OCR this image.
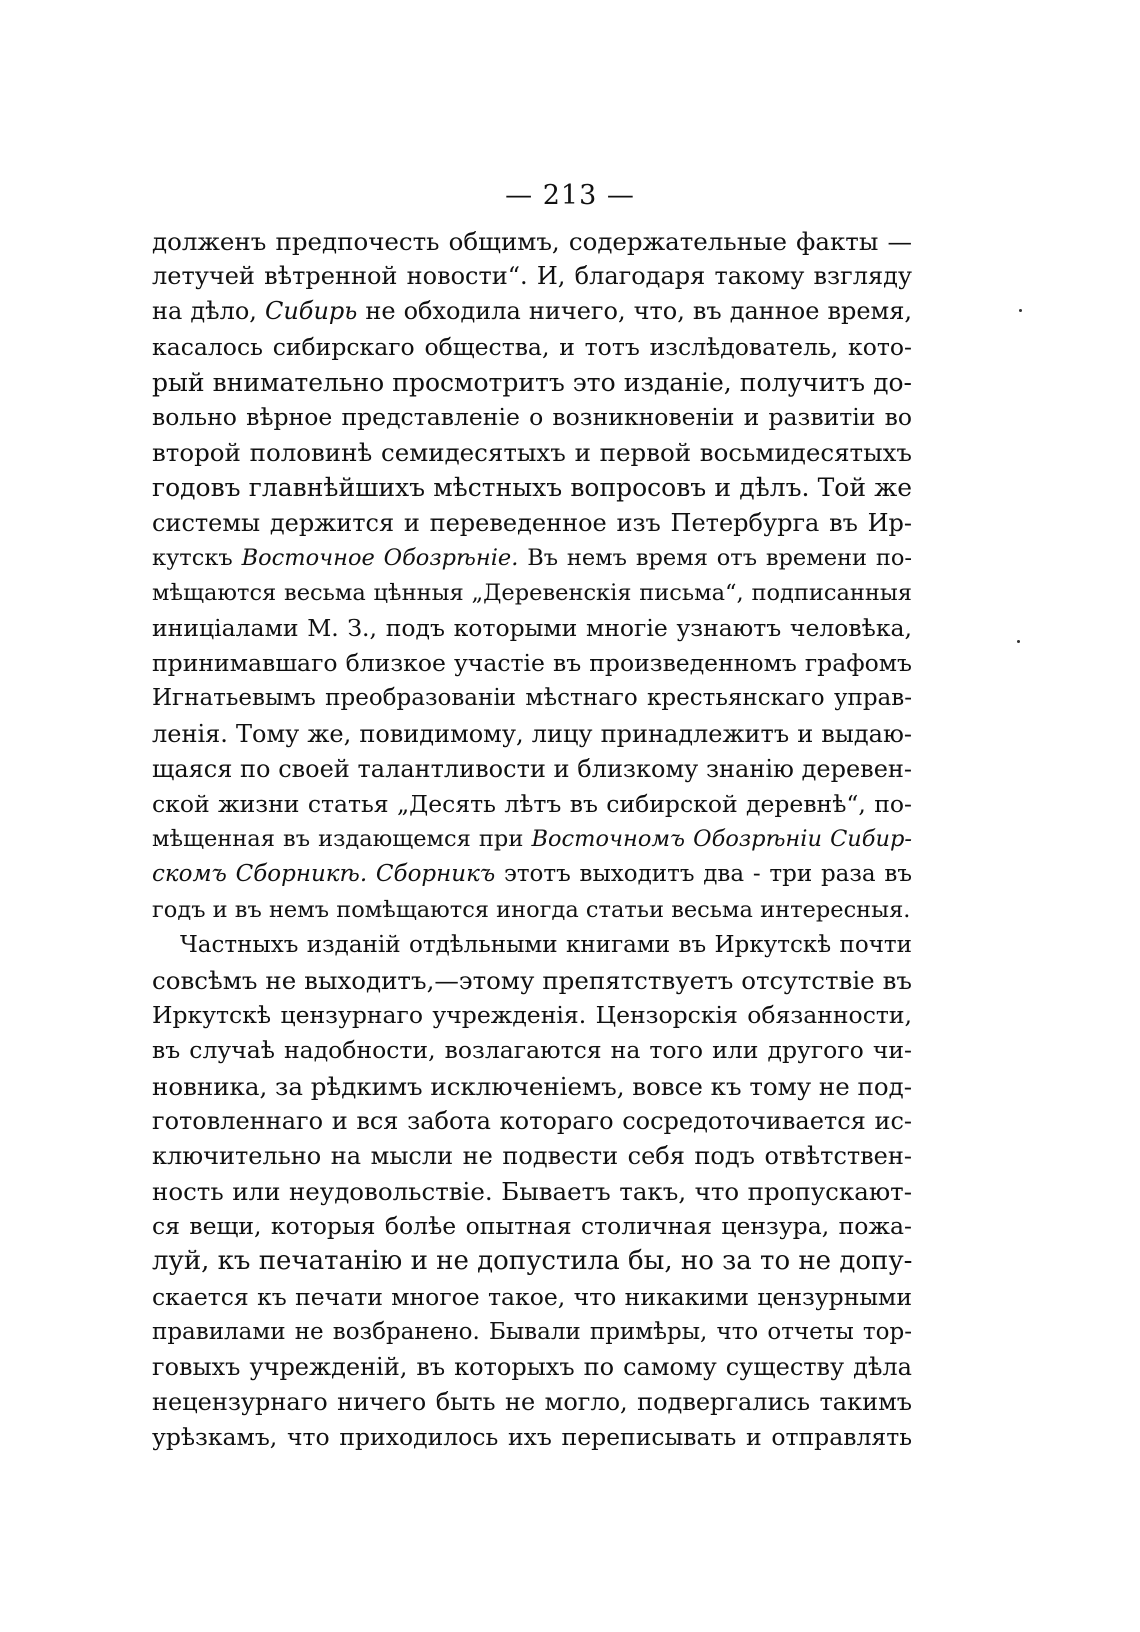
— 213 —
долженъ предпочесть общимъ, содержательные факты —
летучей вѣтренной новости“. И, благодаря такому взгляду
на дѣло, Сибирь не обходила ничего, что, въ данное время,
касалось сибирскаго общества, и тотъ изслѣдователь, кото-
рый внимательно просмотритъ это изданіе, получитъ до-
вольно вѣрное представленіе о возникновеніи и развитіи во
второй половинѣ семидесятыхъ и первой восьмидесятыхъ
годовъ главнѣйшихъ мѣстныхъ вопросовъ и дѣлъ. Той же
системы держится и переведенное изъ Петербурга въ Ир-
кутскъ Восточное Обозрѣніе. Въ немъ время отъ времени по-
мѣщаются весьма цѣнныя „Деревенскія письма“, подписанныя
иниціалами М. З., подъ которыми многіе узнаютъ человѣка,
принимавшаго близкое участіе въ произведенномъ графомъ
Игнатьевымъ преобразованіи мѣстнаго крестьянскаго управ-
ленія. Тому же, повидимому, лицу принадлежитъ и выдаю-
щаяся по своей талантливости и близкому знанію деревен-
ской жизни статья „Десять лѣтъ въ сибирской деревнѣ“, по-
мѣщенная въ издающемся при Восточномъ Обозрѣніи Сибир-
скомъ Сборникѣ. Сборникъ этотъ выходитъ два - три раза въ
годъ и въ немъ помѣщаются иногда статьи весьма интересныя.
Частныхъ изданій отдѣльными книгами въ Иркутскѣ почти
совсѣмъ не выходитъ,—этому препятствуетъ отсутствіе въ
Иркутскѣ цензурнаго учрежденія. Цензорскія обязанности,
въ случаѣ надобности, возлагаются на того или другого чи-
новника, за рѣдкимъ исключеніемъ, вовсе къ тому не под-
готовленнаго и вся забота котораго сосредоточивается ис-
ключительно на мысли не подвести себя подъ отвѣтствен-
ность или неудовольствіе. Бываетъ такъ, что пропускают-
ся вещи, которыя болѣе опытная столичная цензура, пожа-
луй, къ печатанію и не допустила бы, но за то не допу-
скается къ печати многое такое, что никакими цензурными
правилами не возбранено. Бывали примѣры, что отчеты тор-
говыхъ учрежденій, въ которыхъ по самому существу дѣла
нецензурнаго ничего быть не могло, подвергались такимъ
урѣзкамъ, что приходилось ихъ переписывать и отправлять
